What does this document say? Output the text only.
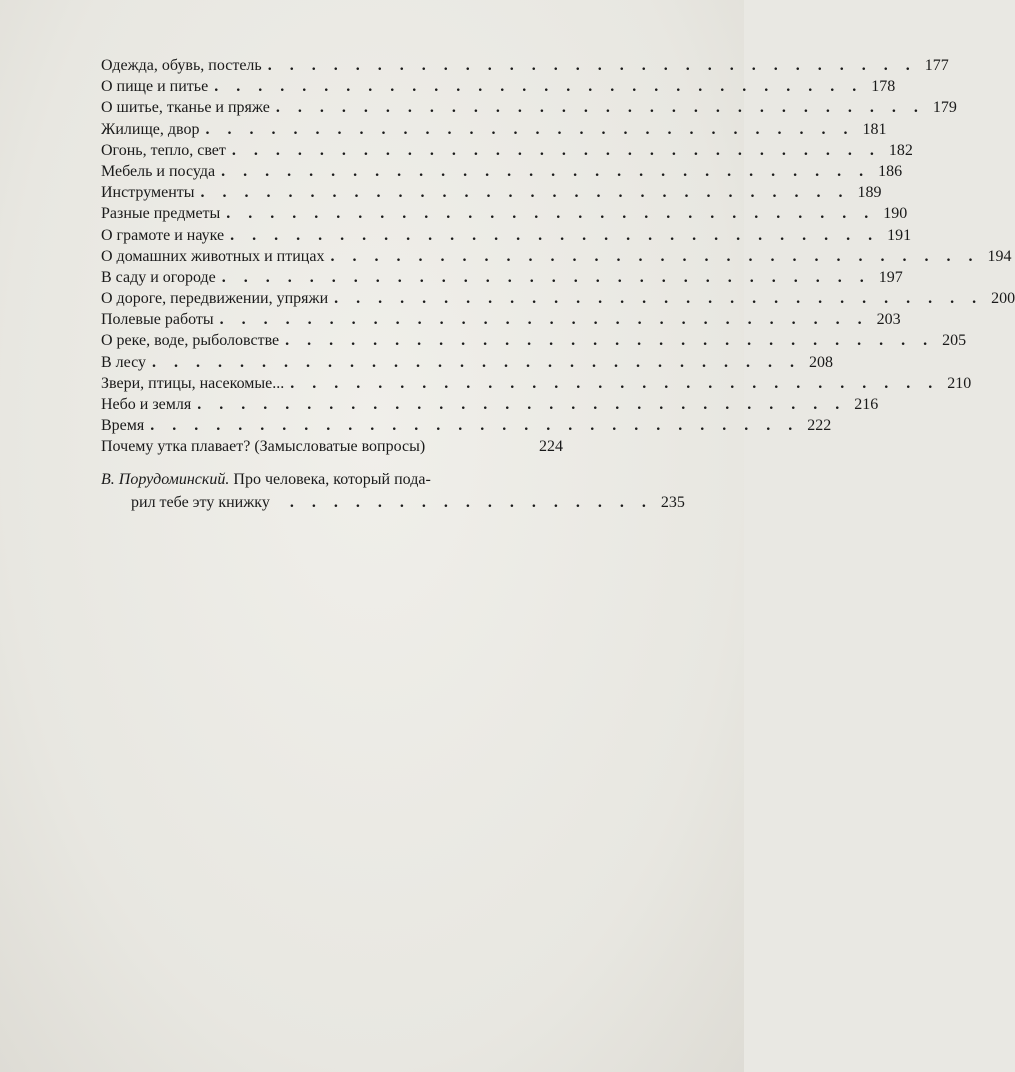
Одежда, обувь, постель . . . . . . . . . . . . . . . . . . . . . . . . . . . . . . 177
О пище и питье . . . . . . . . . . . . . . . . . . . . . . . . . . . . . . 178
О шитье, тканье и пряже . . . . . . . . . . . . . . . . . . . . . . . . . . . . . . 179
Жилище, двор . . . . . . . . . . . . . . . . . . . . . . . . . . . . . . 181
Огонь, тепло, свет . . . . . . . . . . . . . . . . . . . . . . . . . . . . . . 182
Мебель и посуда . . . . . . . . . . . . . . . . . . . . . . . . . . . . . . 186
Инструменты . . . . . . . . . . . . . . . . . . . . . . . . . . . . . . 189
Разные предметы . . . . . . . . . . . . . . . . . . . . . . . . . . . . . . 190
О грамоте и науке . . . . . . . . . . . . . . . . . . . . . . . . . . . . . . 191
О домашних животных и птицах . . . . . . . . . . . . . . . . . . . . . . . . . . . . . . 194
В саду и огороде . . . . . . . . . . . . . . . . . . . . . . . . . . . . . . 197
О дороге, передвижении, упряжи . . . . . . . . . . . . . . . . . . . . . . . . . . . . . . 200
Полевые работы . . . . . . . . . . . . . . . . . . . . . . . . . . . . . . 203
О реке, воде, рыболовстве . . . . . . . . . . . . . . . . . . . . . . . . . . . . . . 205
В лесу . . . . . . . . . . . . . . . . . . . . . . . . . . . . . . 208
Звери, птицы, насекомые... . . . . . . . . . . . . . . . . . . . . . . . . . . . . . . 210
Небо и земля . . . . . . . . . . . . . . . . . . . . . . . . . . . . . . 216
Время . . . . . . . . . . . . . . . . . . . . . . . . . . . . . . 222
Почему утка плавает? (Замысловатые вопросы)	224
В. Порудоминский. Про человека, который пода-
рил тебе эту книжку	. . . . . . . . . . . . . . . . . 235
